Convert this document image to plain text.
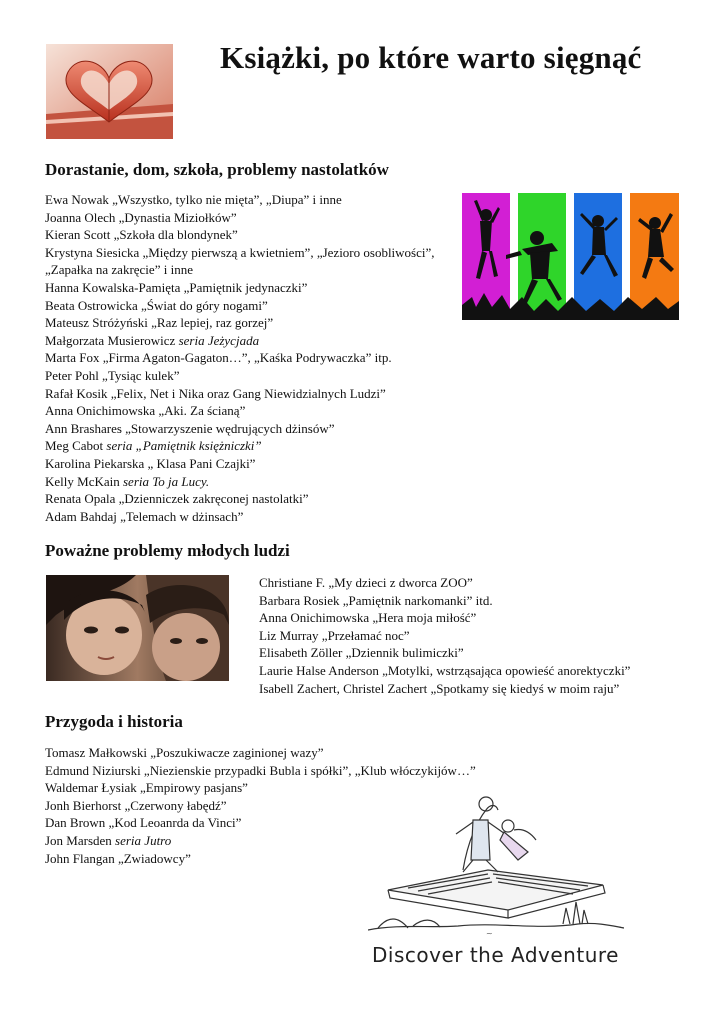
Książki, po które warto sięgnąć
Dorastanie, dom, szkoła, problemy nastolatków
Ewa Nowak „Wszystko, tylko nie mięta”, „Diupa” i inne
Joanna Olech „Dynastia Miziołków”
Kieran Scott „Szkoła dla blondynek”
Krystyna Siesicka „Między pierwszą a kwietniem”, „Jezioro osobliwości”,
„Zapałka na zakręcie” i inne
Hanna Kowalska-Pamięta „Pamiętnik jedynaczki”
Beata Ostrowicka „Świat do góry nogami”
Mateusz Stróżyński „Raz lepiej, raz gorzej”
Małgorzata Musierowicz seria Jeżycjada
Marta Fox „Firma Agaton-Gagaton…”, „Kaśka Podrywaczka” itp.
Peter Pohl „Tysiąc kulek”
Rafał Kosik „Felix, Net i Nika oraz Gang Niewidzialnych Ludzi”
Anna Onichimowska „Aki. Za ścianą”
Ann Brashares „Stowarzyszenie wędrujących dżinsów”
Meg Cabot seria „Pamiętnik księżniczki”
Karolina Piekarska „ Klasa Pani Czajki”
Kelly McKain seria To ja Lucy.
Renata Opala „Dzienniczek zakręconej nastolatki”
Adam Bahdaj „Telemach w dżinsach”
Poważne problemy młodych ludzi
Christiane F. „My dzieci z dworca ZOO”
Barbara Rosiek „Pamiętnik narkomanki” itd.
Anna Onichimowska „Hera moja miłość”
Liz Murray „Przełamać noc”
Elisabeth Zöller „Dziennik bulimiczki”
Laurie Halse Anderson „Motylki, wstrząsająca opowieść anorektyczki”
Isabell Zachert, Christel Zachert „Spotkamy się kiedyś w moim raju”
Przygoda i historia
Tomasz Małkowski „Poszukiwacze zaginionej wazy”
Edmund Niziurski „Niezienskie przypadki Bubla i spółki”, „Klub włóczykijów…”
Waldemar Łysiak „Empirowy pasjans”
Jonh Bierhorst „Czerwony łabędź”
Dan Brown „Kod Leoanrda da Vinci”
Jon Marsden seria Jutro
John Flangan „Zwiadowcy”
~
Discover the Adventure
